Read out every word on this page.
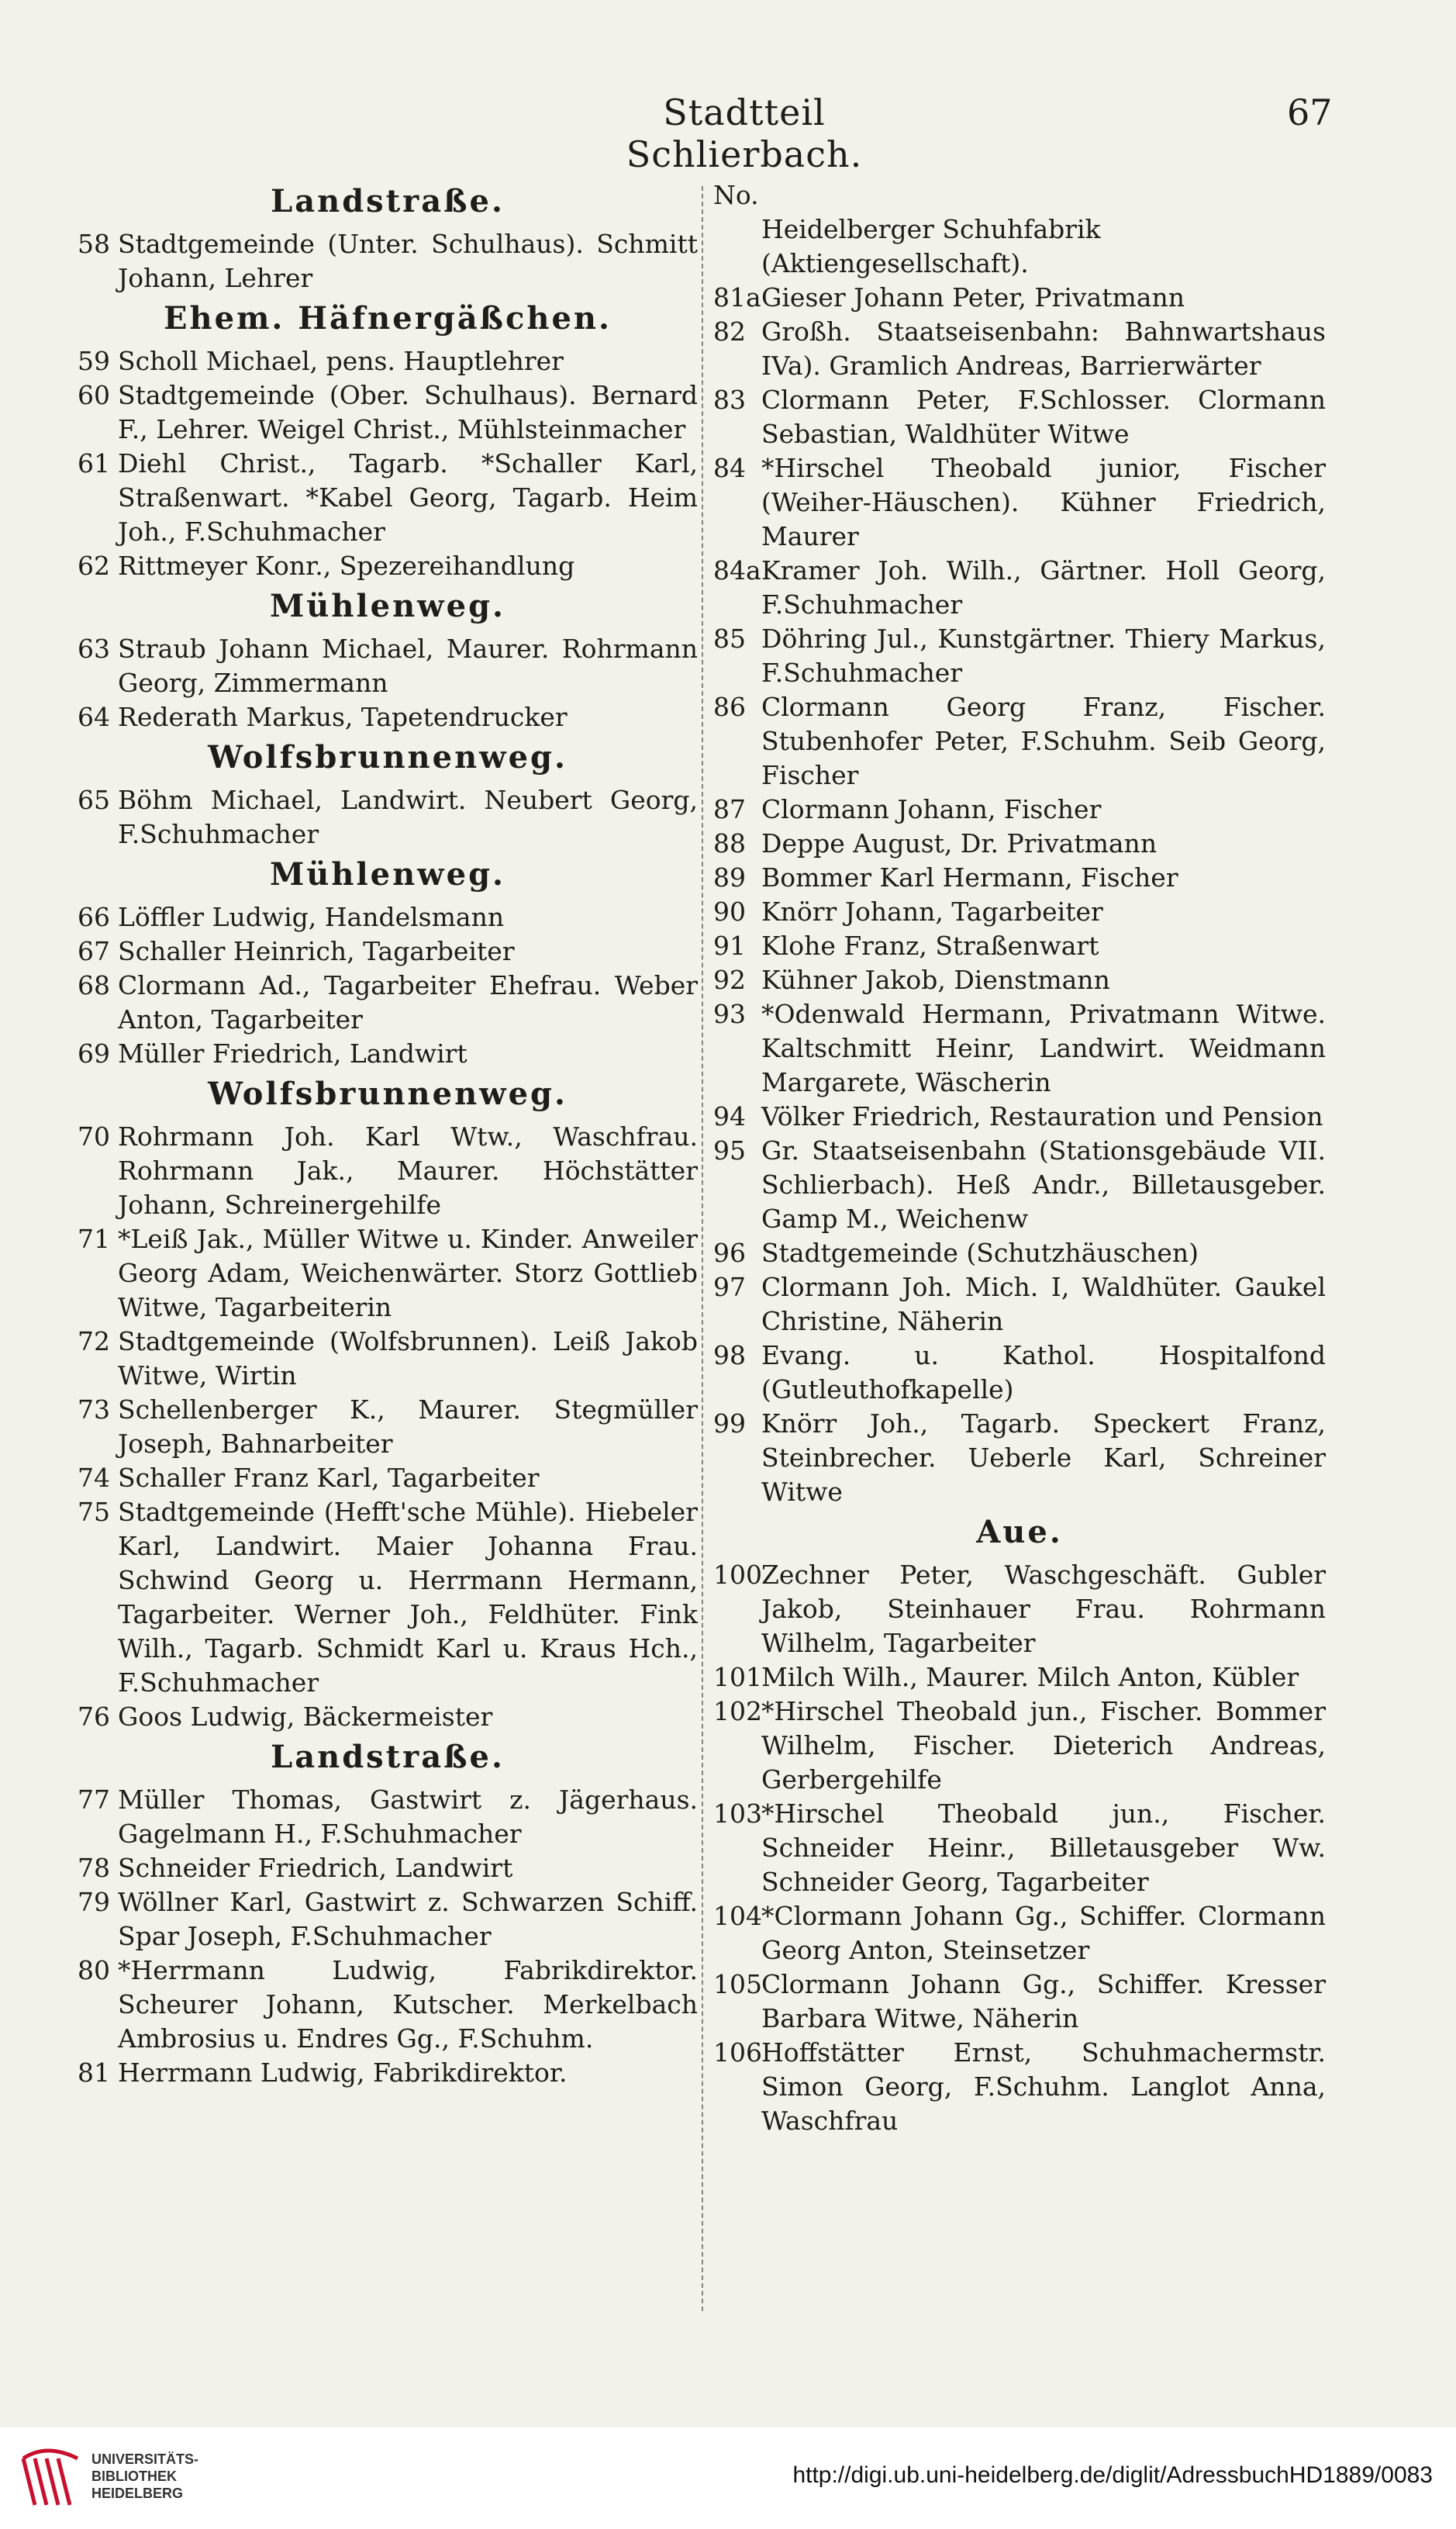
Stadtteil Schlierbach.
67
Landstraße.
58 Stadtgemeinde (Unter. Schulhaus). Schmitt Johann, Lehrer
Ehem. Häfnergäßchen.
59 Scholl Michael, pens. Hauptlehrer
60 Stadtgemeinde (Ober. Schulhaus). Bernard F., Lehrer. Weigel Christ., Mühlsteinmacher
61 Diehl Christ., Tagarb. *Schaller Karl, Straßenwart. *Kabel Georg, Tagarb. Heim Joh., F.Schuhmacher
62 Rittmeyer Konr., Spezereihandlung
Mühlenweg.
63 Straub Johann Michael, Maurer. Rohrmann Georg, Zimmermann
64 Rederath Markus, Tapetendrucker
Wolfsbrunnenweg.
65 Böhm Michael, Landwirt. Neubert Georg, F.Schuhmacher
Mühlenweg.
66 Löffler Ludwig, Handelsmann
67 Schaller Heinrich, Tagarbeiter
68 Clormann Ad., Tagarbeiter Ehefrau. Weber Anton, Tagarbeiter
69 Müller Friedrich, Landwirt
Wolfsbrunnenweg.
70 Rohrmann Joh. Karl Wtw., Waschfrau. Rohrmann Jak., Maurer. Höchstätter Johann, Schreinergehilfe
71 *Leiß Jak., Müller Witwe u. Kinder. Anweiler Georg Adam, Weichenwärter. Storz Gottlieb Witwe, Tagarbeiterin
72 Stadtgemeinde (Wolfsbrunnen). Leiß Jakob Witwe, Wirtin
73 Schellenberger K., Maurer. Stegmüller Joseph, Bahnarbeiter
74 Schaller Franz Karl, Tagarbeiter
75 Stadtgemeinde (Hefft'sche Mühle). Hiebeler Karl, Landwirt. Maier Johanna Frau. Schwind Georg u. Herrmann Hermann, Tagarbeiter. Werner Joh., Feldhüter. Fink Wilh., Tagarb. Schmidt Karl u. Kraus Hch., F.Schuhmacher
76 Goos Ludwig, Bäckermeister
Landstraße.
77 Müller Thomas, Gastwirt z. Jägerhaus. Gagelmann H., F.Schuhmacher
78 Schneider Friedrich, Landwirt
79 Wöllner Karl, Gastwirt z. Schwarzen Schiff. Spar Joseph, F.Schuhmacher
80 *Herrmann Ludwig, Fabrikdirektor. Scheurer Johann, Kutscher. Merkelbach Ambrosius u. Endres Gg., F.Schuhm.
81 Herrmann Ludwig, Fabrikdirektor.
No.
Heidelberger Schuhfabrik (Aktiengesellschaft).
81a Gieser Johann Peter, Privatmann
82 Großh. Staatseisenbahn: Bahnwartshaus IVa). Gramlich Andreas, Barrierwärter
83 Clormann Peter, F.Schlosser. Clormann Sebastian, Waldhüter Witwe
84 *Hirschel Theobald junior, Fischer (Weiher-Häuschen). Kühner Friedrich, Maurer
84a Kramer Joh. Wilh., Gärtner. Holl Georg, F.Schuhmacher
85 Döhring Jul., Kunstgärtner. Thiery Markus, F.Schuhmacher
86 Clormann Georg Franz, Fischer. Stubenhofer Peter, F.Schuhm. Seib Georg, Fischer
87 Clormann Johann, Fischer
88 Deppe August, Dr. Privatmann
89 Bommer Karl Hermann, Fischer
90 Knörr Johann, Tagarbeiter
91 Klohe Franz, Straßenwart
92 Kühner Jakob, Dienstmann
93 *Odenwald Hermann, Privatmann Witwe. Kaltschmitt Heinr, Landwirt. Weidmann Margarete, Wäscherin
94 Völker Friedrich, Restauration und Pension
95 Gr. Staatseisenbahn (Stationsgebäude VII. Schlierbach). Heß Andr., Billetausgeber. Gamp M., Weichenw
96 Stadtgemeinde (Schutzhäuschen)
97 Clormann Joh. Mich. I, Waldhüter. Gaukel Christine, Näherin
98 Evang. u. Kathol. Hospitalfond (Gutleuthofkapelle)
99 Knörr Joh., Tagarb. Speckert Franz, Steinbrecher. Ueberle Karl, Schreiner Witwe
Aue.
100 Zechner Peter, Waschgeschäft. Gubler Jakob, Steinhauer Frau. Rohrmann Wilhelm, Tagarbeiter
101 Milch Wilh., Maurer. Milch Anton, Kübler
102 *Hirschel Theobald jun., Fischer. Bommer Wilhelm, Fischer. Dieterich Andreas, Gerbergehilfe
103 *Hirschel Theobald jun., Fischer. Schneider Heinr., Billetausgeber Ww. Schneider Georg, Tagarbeiter
104 *Clormann Johann Gg., Schiffer. Clormann Georg Anton, Steinsetzer
105 Clormann Johann Gg., Schiffer. Kresser Barbara Witwe, Näherin
106 Hoffstätter Ernst, Schuhmachermstr. Simon Georg, F.Schuhm. Langlot Anna, Waschfrau
UNIVERSITÄTS-
BIBLIOTHEK
HEIDELBERG
http://digi.ub.uni-heidelberg.de/diglit/AdressbuchHD1889/0083
